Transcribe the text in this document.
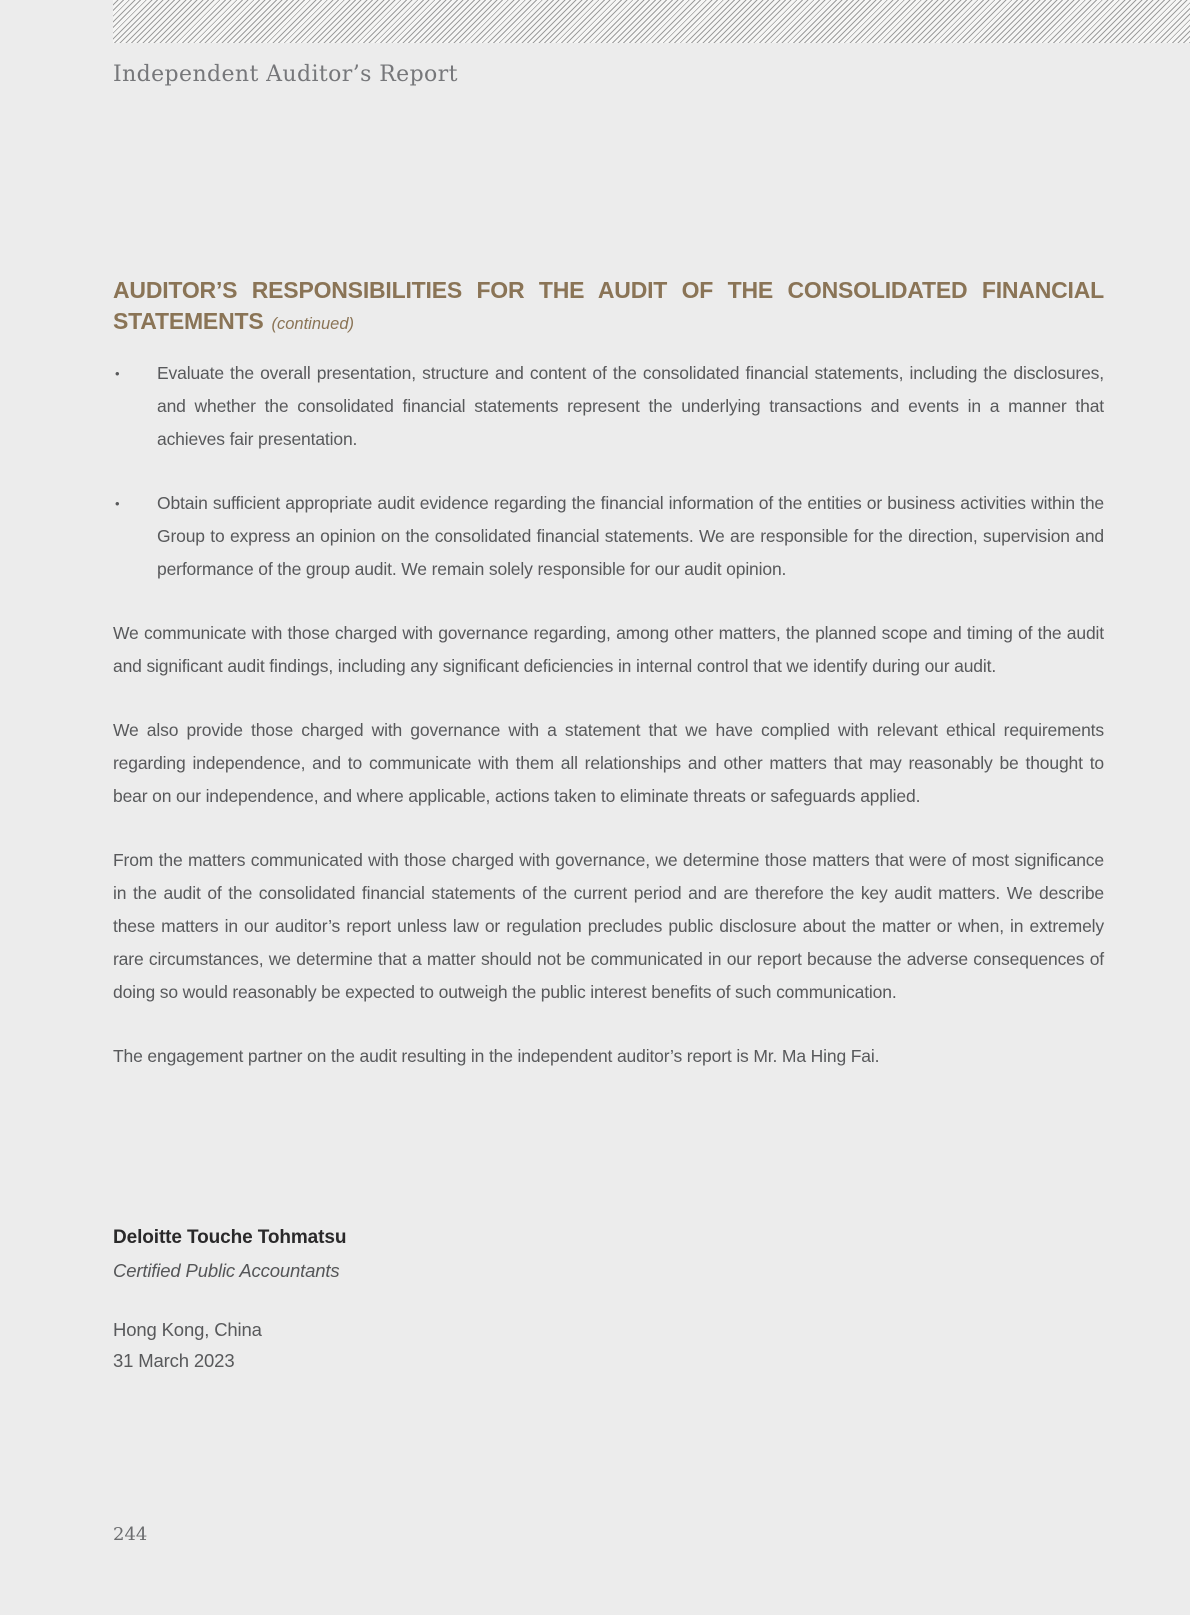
Independent Auditor’s Report
AUDITOR’S RESPONSIBILITIES FOR THE AUDIT OF THE CONSOLIDATED FINANCIAL
STATEMENTS (continued)
•	Evaluate the overall presentation, structure and content of the consolidated financial statements, including the disclosures, and whether the consolidated financial statements represent the underlying transactions and events in a manner that achieves fair presentation.
•	Obtain sufficient appropriate audit evidence regarding the financial information of the entities or business activities within the Group to express an opinion on the consolidated financial statements. We are responsible for the direction, supervision and performance of the group audit. We remain solely responsible for our audit opinion.
We communicate with those charged with governance regarding, among other matters, the planned scope and timing of the audit and significant audit findings, including any significant deficiencies in internal control that we identify during our audit.
We also provide those charged with governance with a statement that we have complied with relevant ethical requirements regarding independence, and to communicate with them all relationships and other matters that may reasonably be thought to bear on our independence, and where applicable, actions taken to eliminate threats or safeguards applied.
From the matters communicated with those charged with governance, we determine those matters that were of most significance in the audit of the consolidated financial statements of the current period and are therefore the key audit matters. We describe these matters in our auditor’s report unless law or regulation precludes public disclosure about the matter or when, in extremely rare circumstances, we determine that a matter should not be communicated in our report because the adverse consequences of doing so would reasonably be expected to outweigh the public interest benefits of such communication.
The engagement partner on the audit resulting in the independent auditor’s report is Mr. Ma Hing Fai.
Deloitte Touche Tohmatsu
Certified Public Accountants
Hong Kong, China
31 March 2023
244
